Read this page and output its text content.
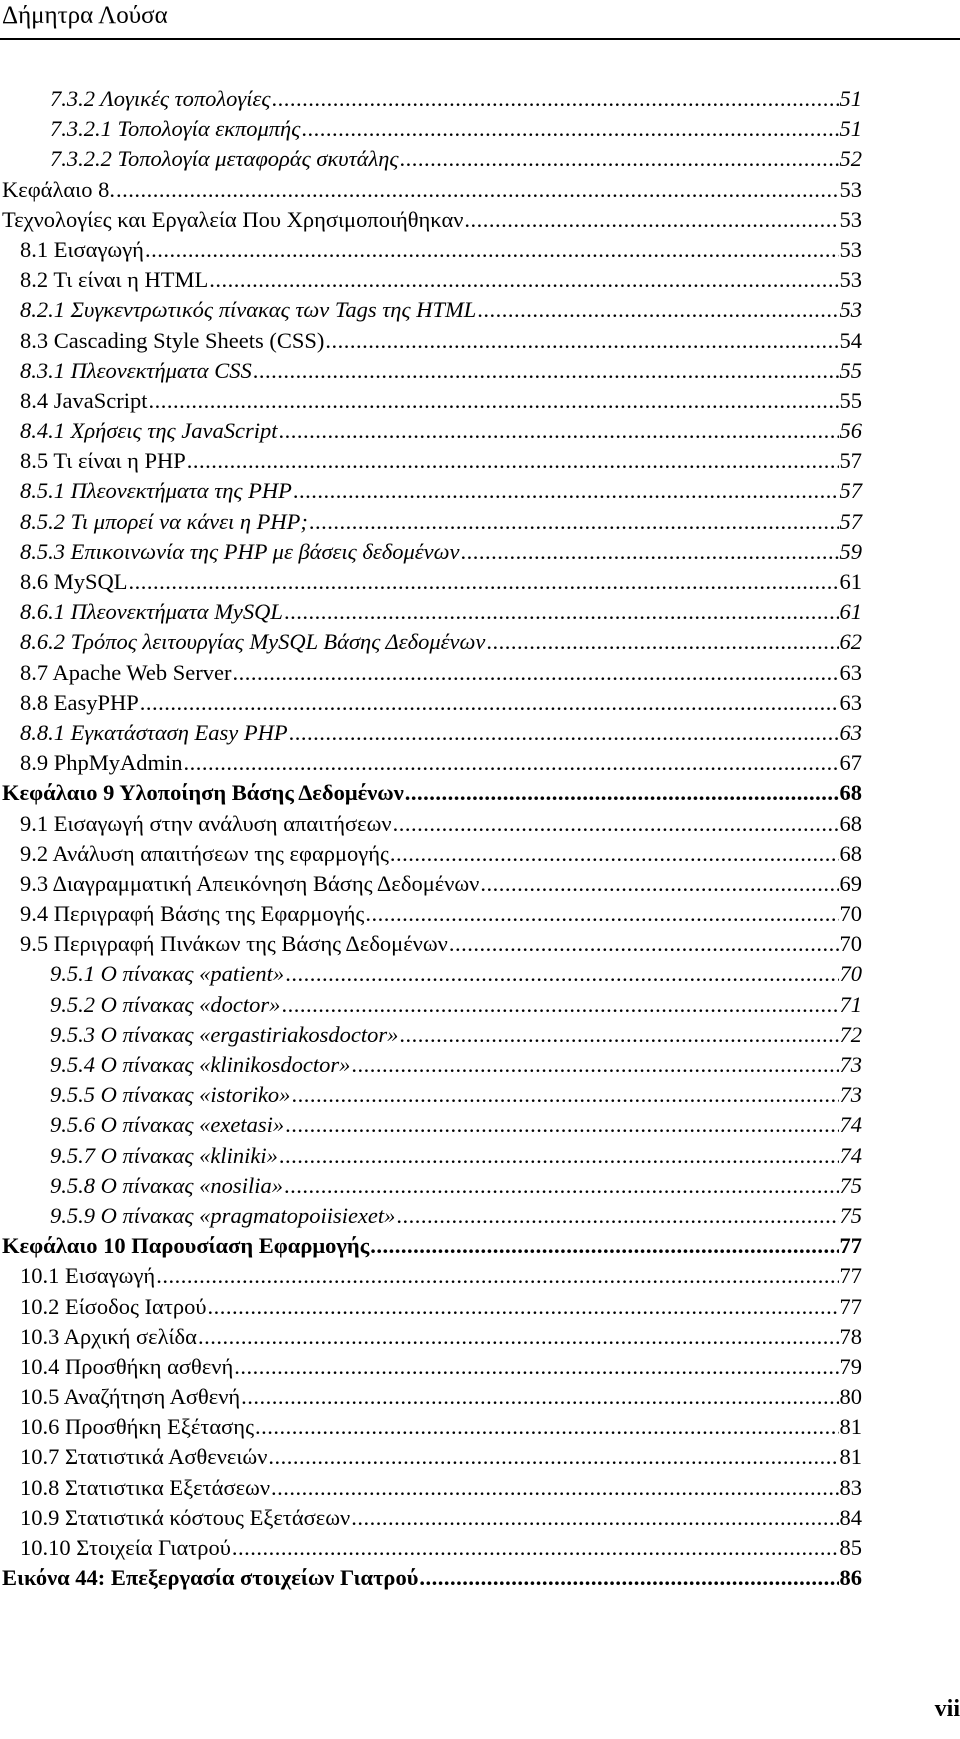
Δήμητρα Λούσα
7.3.2 Λογικές τοπολογίες .....	51
7.3.2.1 Τοπολογία εκπομπής .....	51
7.3.2.2 Τοπολογία μεταφοράς σκυτάλης .....	52
Κεφάλαιο 8. .....	53
Τεχνολογίες και Εργαλεία Που Χρησιμοποιήθηκαν .....	53
8.1 Εισαγωγή .....	53
8.2 Τι είναι η HTML .....	53
8.2.1 Συγκεντρωτικός πίνακας των Tags της HTML .....	53
8.3 Cascading Style Sheets (CSS) .....	54
8.3.1 Πλεονεκτήματα CSS .....	55
8.4 JavaScript .....	55
8.4.1 Χρήσεις της JavaScript .....	56
8.5 Τι είναι η PHP .....	57
8.5.1 Πλεονεκτήματα της PHP .....	57
8.5.2 Τι μπορεί να κάνει η PHP; .....	57
8.5.3 Επικοινωνία της PHP με βάσεις δεδομένων .....	59
8.6 MySQL .....	61
8.6.1 Πλεονεκτήματα MySQL .....	61
8.6.2 Τρόπος λειτουργίας MySQL Βάσης Δεδομένων .....	62
8.7 Apache Web Server .....	63
8.8 EasyPHP .....	63
8.8.1 Εγκατάσταση Easy PHP .....	63
8.9 PhpMyAdmin .....	67
Κεφάλαιο 9 Υλοποίηση Βάσης Δεδομένων .....	68
9.1 Εισαγωγή στην ανάλυση απαιτήσεων .....	68
9.2 Ανάλυση απαιτήσεων της εφαρμογής .....	68
9.3 Διαγραμματική Απεικόνηση Βάσης Δεδομένων .....	69
9.4 Περιγραφή Βάσης της Εφαρμογής .....	70
9.5 Περιγραφή Πινάκων της Βάσης Δεδομένων .....	70
9.5.1 Ο πίνακας «patient» .....	70
9.5.2 Ο πίνακας «doctor» .....	71
9.5.3 Ο πίνακας «ergastiriakosdoctor» .....	72
9.5.4 Ο πίνακας «klinikosdoctor» .....	73
9.5.5 Ο πίνακας «istoriko» .....	73
9.5.6 Ο πίνακας «exetasi» .....	74
9.5.7 Ο πίνακας «kliniki» .....	74
9.5.8 Ο πίνακας «nosilia» .....	75
9.5.9 Ο πίνακας «pragmatopoiisiexet» .....	75
Κεφάλαιο 10 Παρουσίαση Εφαρμογής .....	77
10.1 Εισαγωγή .....	77
10.2 Είσοδος Ιατρού .....	77
10.3 Αρχική σελίδα .....	78
10.4 Προσθήκη ασθενή .....	79
10.5 Αναζήτηση Ασθενή .....	80
10.6 Προσθήκη Εξέτασης .....	81
10.7 Στατιστικά Ασθενειών .....	81
10.8 Στατιστικα Εξετάσεων .....	83
10.9 Στατιστικά κόστους Εξετάσεων .....	84
10.10 Στοιχεία Γιατρού .....	85
Εικόνα 44: Επεξεργασία στοιχείων Γιατρού .....	86
vii
